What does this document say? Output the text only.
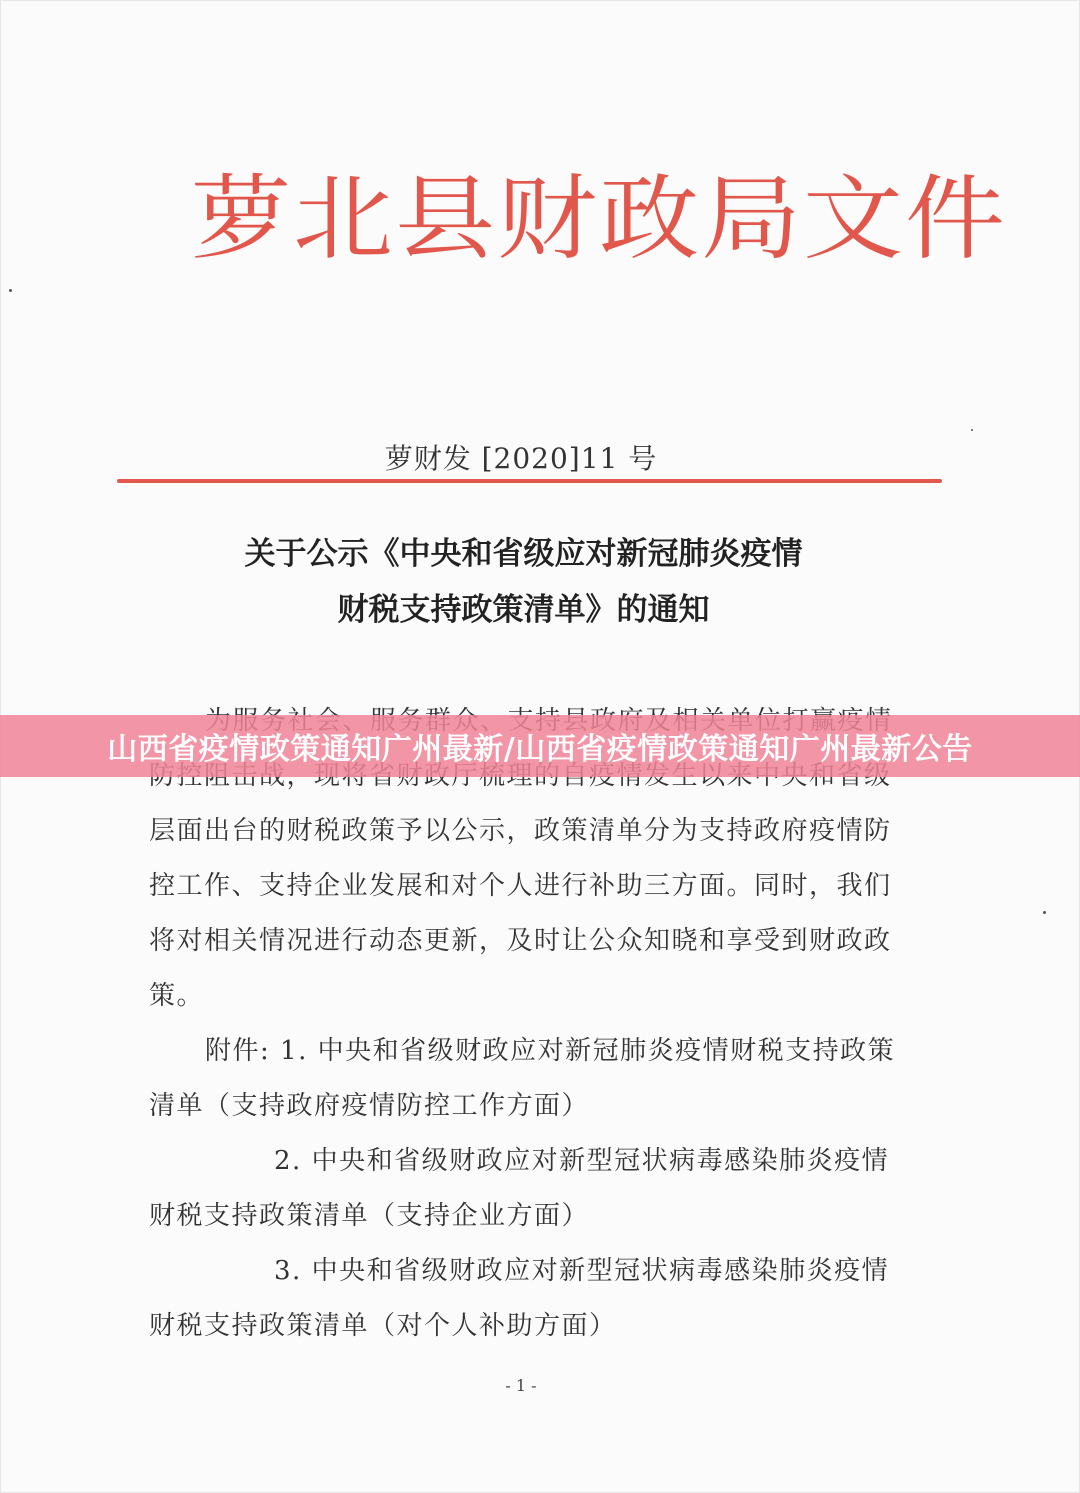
萝北县财政局文件
萝财发 [2020]11 号
关于公示《中央和省级应对新冠肺炎疫情
财税支持政策清单》的通知

层面出台的财税政策予以公示，政策清单分为支持政府疫情防控工作、支持企业发展和对个人进行补助三方面。同时，我们将对相关情况进行动态更新，及时让公众知晓和享受到财政政策。

附件: 1. 中央和省级财政应对新冠肺炎疫情财税支持政策清单（支持政府疫情防控工作方面）

2. 中央和省级财政应对新型冠状病毒感染肺炎疫情财税支持政策清单（支持企业方面）

3. 中央和省级财政应对新型冠状病毒感染肺炎疫情财税支持政策清单（对个人补助方面）

- 1 -
山西省疫情政策通知广州最新/山西省疫情政策通知广州最新公告
